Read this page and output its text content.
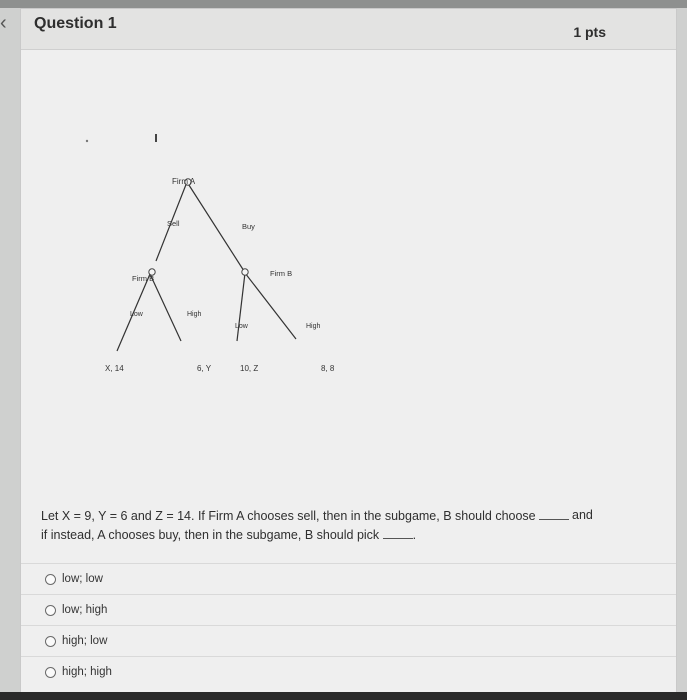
‹	Question 1	1 pts
Firm A
Sell	Buy
Firm B
Firm B
Low	High
Low	High
X, 14	6, Y	10, Z	8, 8
Let X = 9, Y = 6 and Z = 14. If Firm A chooses sell, then in the subgame, B should choose
if instead, A chooses buy, then in the subgame, B should pick	.
and
low; low
low; high
high; low
high; high
